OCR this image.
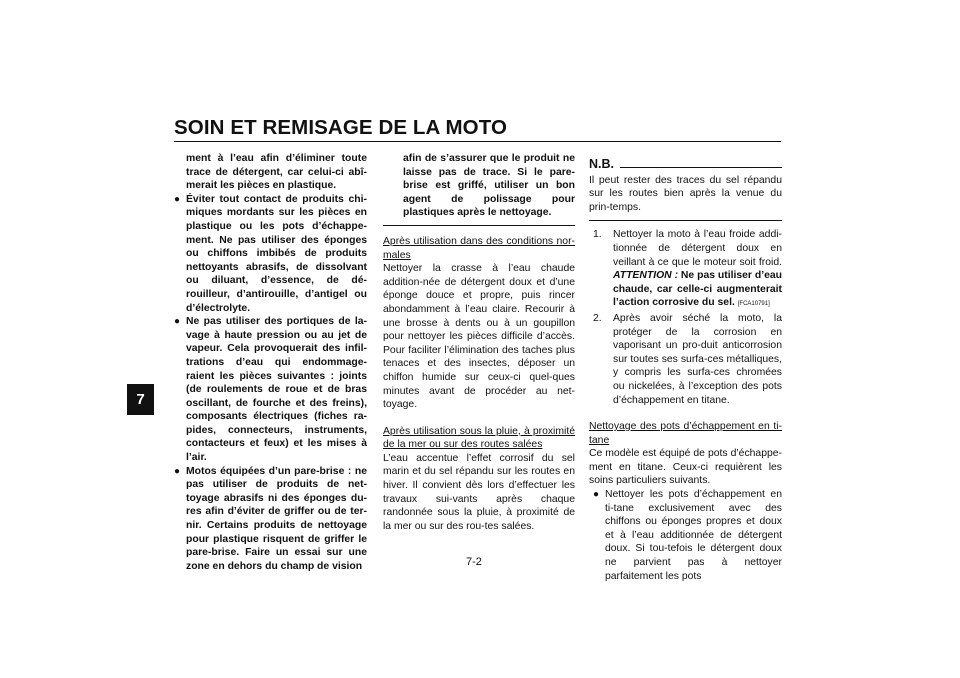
SOIN ET REMISAGE DE LA MOTO
7

ment à l’eau afin d’éliminer toute trace de détergent, car celui-ci abî-merait les pièces en plastique.

● Éviter tout contact de produits chi-miques mordants sur les pièces en plastique ou les pots d’échappe-ment. Ne pas utiliser des éponges ou chiffons imbibés de produits nettoyants abrasifs, de dissolvant ou diluant, d’essence, de dé-rouilleur, d’antirouille, d’antigel ou d’électrolyte.
● Ne pas utiliser des portiques de la-vage à haute pression ou au jet de vapeur. Cela provoquerait des infil-trations d’eau qui endommage-raient les pièces suivantes : joints (de roulements de roue et de bras oscillant, de fourche et des freins), composants électriques (fiches ra-pides, connecteurs, instruments, contacteurs et feux) et les mises à l’air.
● Motos équipées d’un pare-brise : ne pas utiliser de produits de net-toyage abrasifs ni des éponges du-res afin d’éviter de griffer ou de ter-nir. Certains produits de nettoyage pour plastique risquent de griffer le pare-brise. Faire un essai sur une zone en dehors du champ de vision

afin de s’assurer que le produit ne laisse pas de trace. Si le pare-brise est griffé, utiliser un bon agent de polissage pour plastiques après le nettoyage.

Après utilisation dans des conditions nor-males

Nettoyer la crasse à l’eau chaude addition-née de détergent doux et d’une éponge douce et propre, puis rincer abondamment à l’eau claire. Recourir à une brosse à dents ou à un goupillon pour nettoyer les pièces difficile d’accès. Pour faciliter l’élimination des taches plus tenaces et des insectes, déposer un chiffon humide sur ceux-ci quel-ques minutes avant de procéder au net-toyage.

Après utilisation sous la pluie, à proximité de la mer ou sur des routes salées

L’eau accentue l’effet corrosif du sel marin et du sel répandu sur les routes en hiver. Il convient dès lors d’effectuer les travaux sui-vants après chaque randonnée sous la pluie, à proximité de la mer ou sur des rou-tes salées.

N.B.

Il peut rester des traces du sel répandu sur les routes bien après la venue du prin-temps.

1.	Nettoyer la moto à l’eau froide addi-tionnée de détergent doux en veillant à ce que le moteur soit froid. ATTENTION : Ne pas utiliser d’eau chaude, car celle-ci augmenterait l’action corrosive du sel. [FCA10791]
2.	Après avoir séché la moto, la protéger de la corrosion en vaporisant un pro-duit anticorrosion sur toutes ses surfa-ces métalliques, y compris les surfa-ces chromées ou nickelées, à l’exception des pots d’échappement en titane.

Nettoyage des pots d’échappement en ti-tane

Ce modèle est équipé de pots d’échappe-ment en titane. Ceux-ci requièrent les soins particuliers suivants.

● Nettoyer les pots d’échappement en ti-tane exclusivement avec des chiffons ou éponges propres et doux et à l’eau additionnée de détergent doux. Si tou-tefois le détergent doux ne parvient pas à nettoyer parfaitement les pots
7-2
